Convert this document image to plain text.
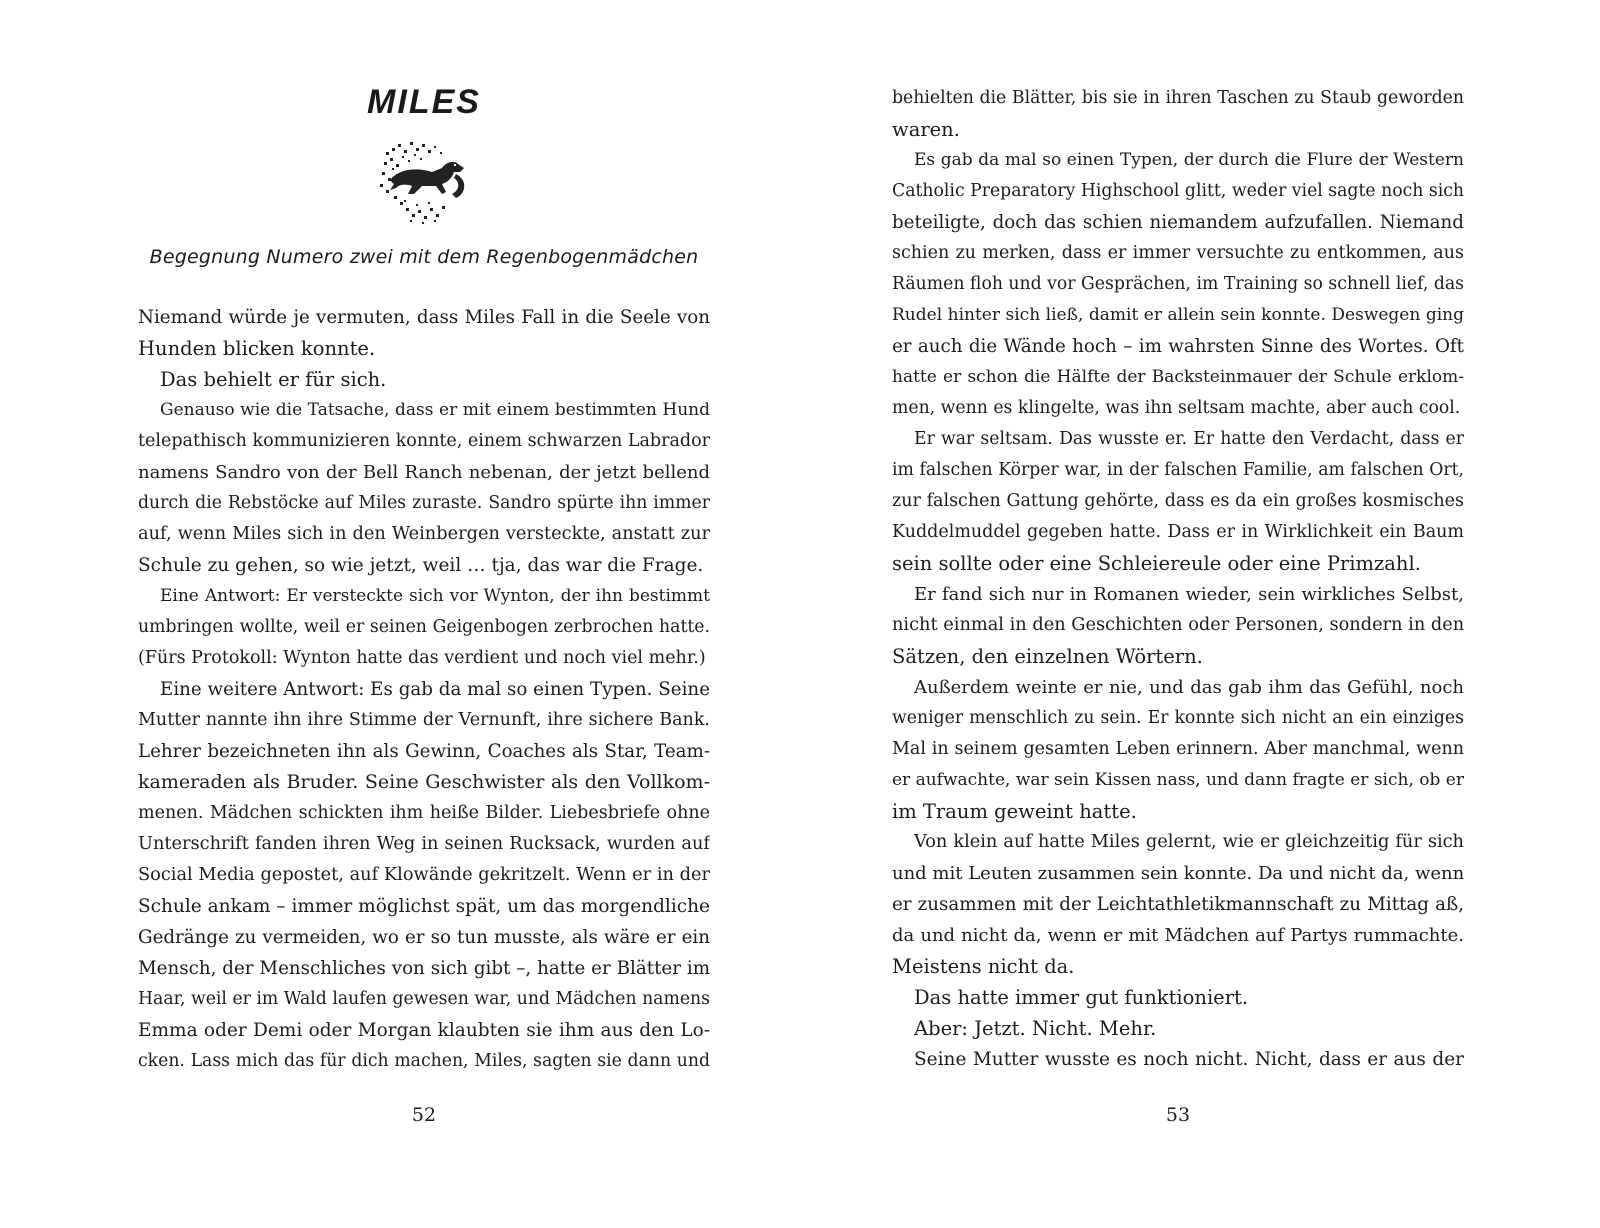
MILES
Begegnung Numero zwei mit dem Regenbogenmädchen
Niemand würde je vermuten, dass Miles Fall in die Seele von
Hunden blicken konnte.
Das behielt er für sich.
Genauso wie die Tatsache, dass er mit einem bestimmten Hund
telepathisch kommunizieren konnte, einem schwarzen Labrador
namens Sandro von der Bell Ranch nebenan, der jetzt bellend
durch die Rebstöcke auf Miles zuraste. Sandro spürte ihn immer
auf, wenn Miles sich in den Weinbergen versteckte, anstatt zur
Schule zu gehen, so wie jetzt, weil … tja, das war die Frage.
Eine Antwort: Er versteckte sich vor Wynton, der ihn bestimmt
umbringen wollte, weil er seinen Geigenbogen zerbrochen hatte.
(Fürs Protokoll: Wynton hatte das verdient und noch viel mehr.)
Eine weitere Antwort: Es gab da mal so einen Typen. Seine
Mutter nannte ihn ihre Stimme der Vernunft, ihre sichere Bank.
Lehrer bezeichneten ihn als Gewinn, Coaches als Star, Team-
kameraden als Bruder. Seine Geschwister als den Vollkom-
menen. Mädchen schickten ihm heiße Bilder. Liebesbriefe ohne
Unterschrift fanden ihren Weg in seinen Rucksack, wurden auf
Social Media gepostet, auf Klowände gekritzelt. Wenn er in der
Schule ankam – immer möglichst spät, um das morgendliche
Gedränge zu vermeiden, wo er so tun musste, als wäre er ein
Mensch, der Menschliches von sich gibt –, hatte er Blätter im
Haar, weil er im Wald laufen gewesen war, und Mädchen namens
Emma oder Demi oder Morgan klaubten sie ihm aus den Lo-
cken. Lass mich das für dich machen, Miles, sagten sie dann und
52
behielten die Blätter, bis sie in ihren Taschen zu Staub geworden
waren.
Es gab da mal so einen Typen, der durch die Flure der Western
Catholic Preparatory Highschool glitt, weder viel sagte noch sich
beteiligte, doch das schien niemandem aufzufallen. Niemand
schien zu merken, dass er immer versuchte zu entkommen, aus
Räumen floh und vor Gesprächen, im Training so schnell lief, das
Rudel hinter sich ließ, damit er allein sein konnte. Deswegen ging
er auch die Wände hoch – im wahrsten Sinne des Wortes. Oft
hatte er schon die Hälfte der Backsteinmauer der Schule erklom-
men, wenn es klingelte, was ihn seltsam machte, aber auch cool.
Er war seltsam. Das wusste er. Er hatte den Verdacht, dass er
im falschen Körper war, in der falschen Familie, am falschen Ort,
zur falschen Gattung gehörte, dass es da ein großes kosmisches
Kuddelmuddel gegeben hatte. Dass er in Wirklichkeit ein Baum
sein sollte oder eine Schleiereule oder eine Primzahl.
Er fand sich nur in Romanen wieder, sein wirkliches Selbst,
nicht einmal in den Geschichten oder Personen, sondern in den
Sätzen, den einzelnen Wörtern.
Außerdem weinte er nie, und das gab ihm das Gefühl, noch
weniger menschlich zu sein. Er konnte sich nicht an ein einziges
Mal in seinem gesamten Leben erinnern. Aber manchmal, wenn
er aufwachte, war sein Kissen nass, und dann fragte er sich, ob er
im Traum geweint hatte.
Von klein auf hatte Miles gelernt, wie er gleichzeitig für sich
und mit Leuten zusammen sein konnte. Da und nicht da, wenn
er zusammen mit der Leichtathletikmannschaft zu Mittag aß,
da und nicht da, wenn er mit Mädchen auf Partys rummachte.
Meistens nicht da.
Das hatte immer gut funktioniert.
Aber: Jetzt. Nicht. Mehr.
Seine Mutter wusste es noch nicht. Nicht, dass er aus der
53
